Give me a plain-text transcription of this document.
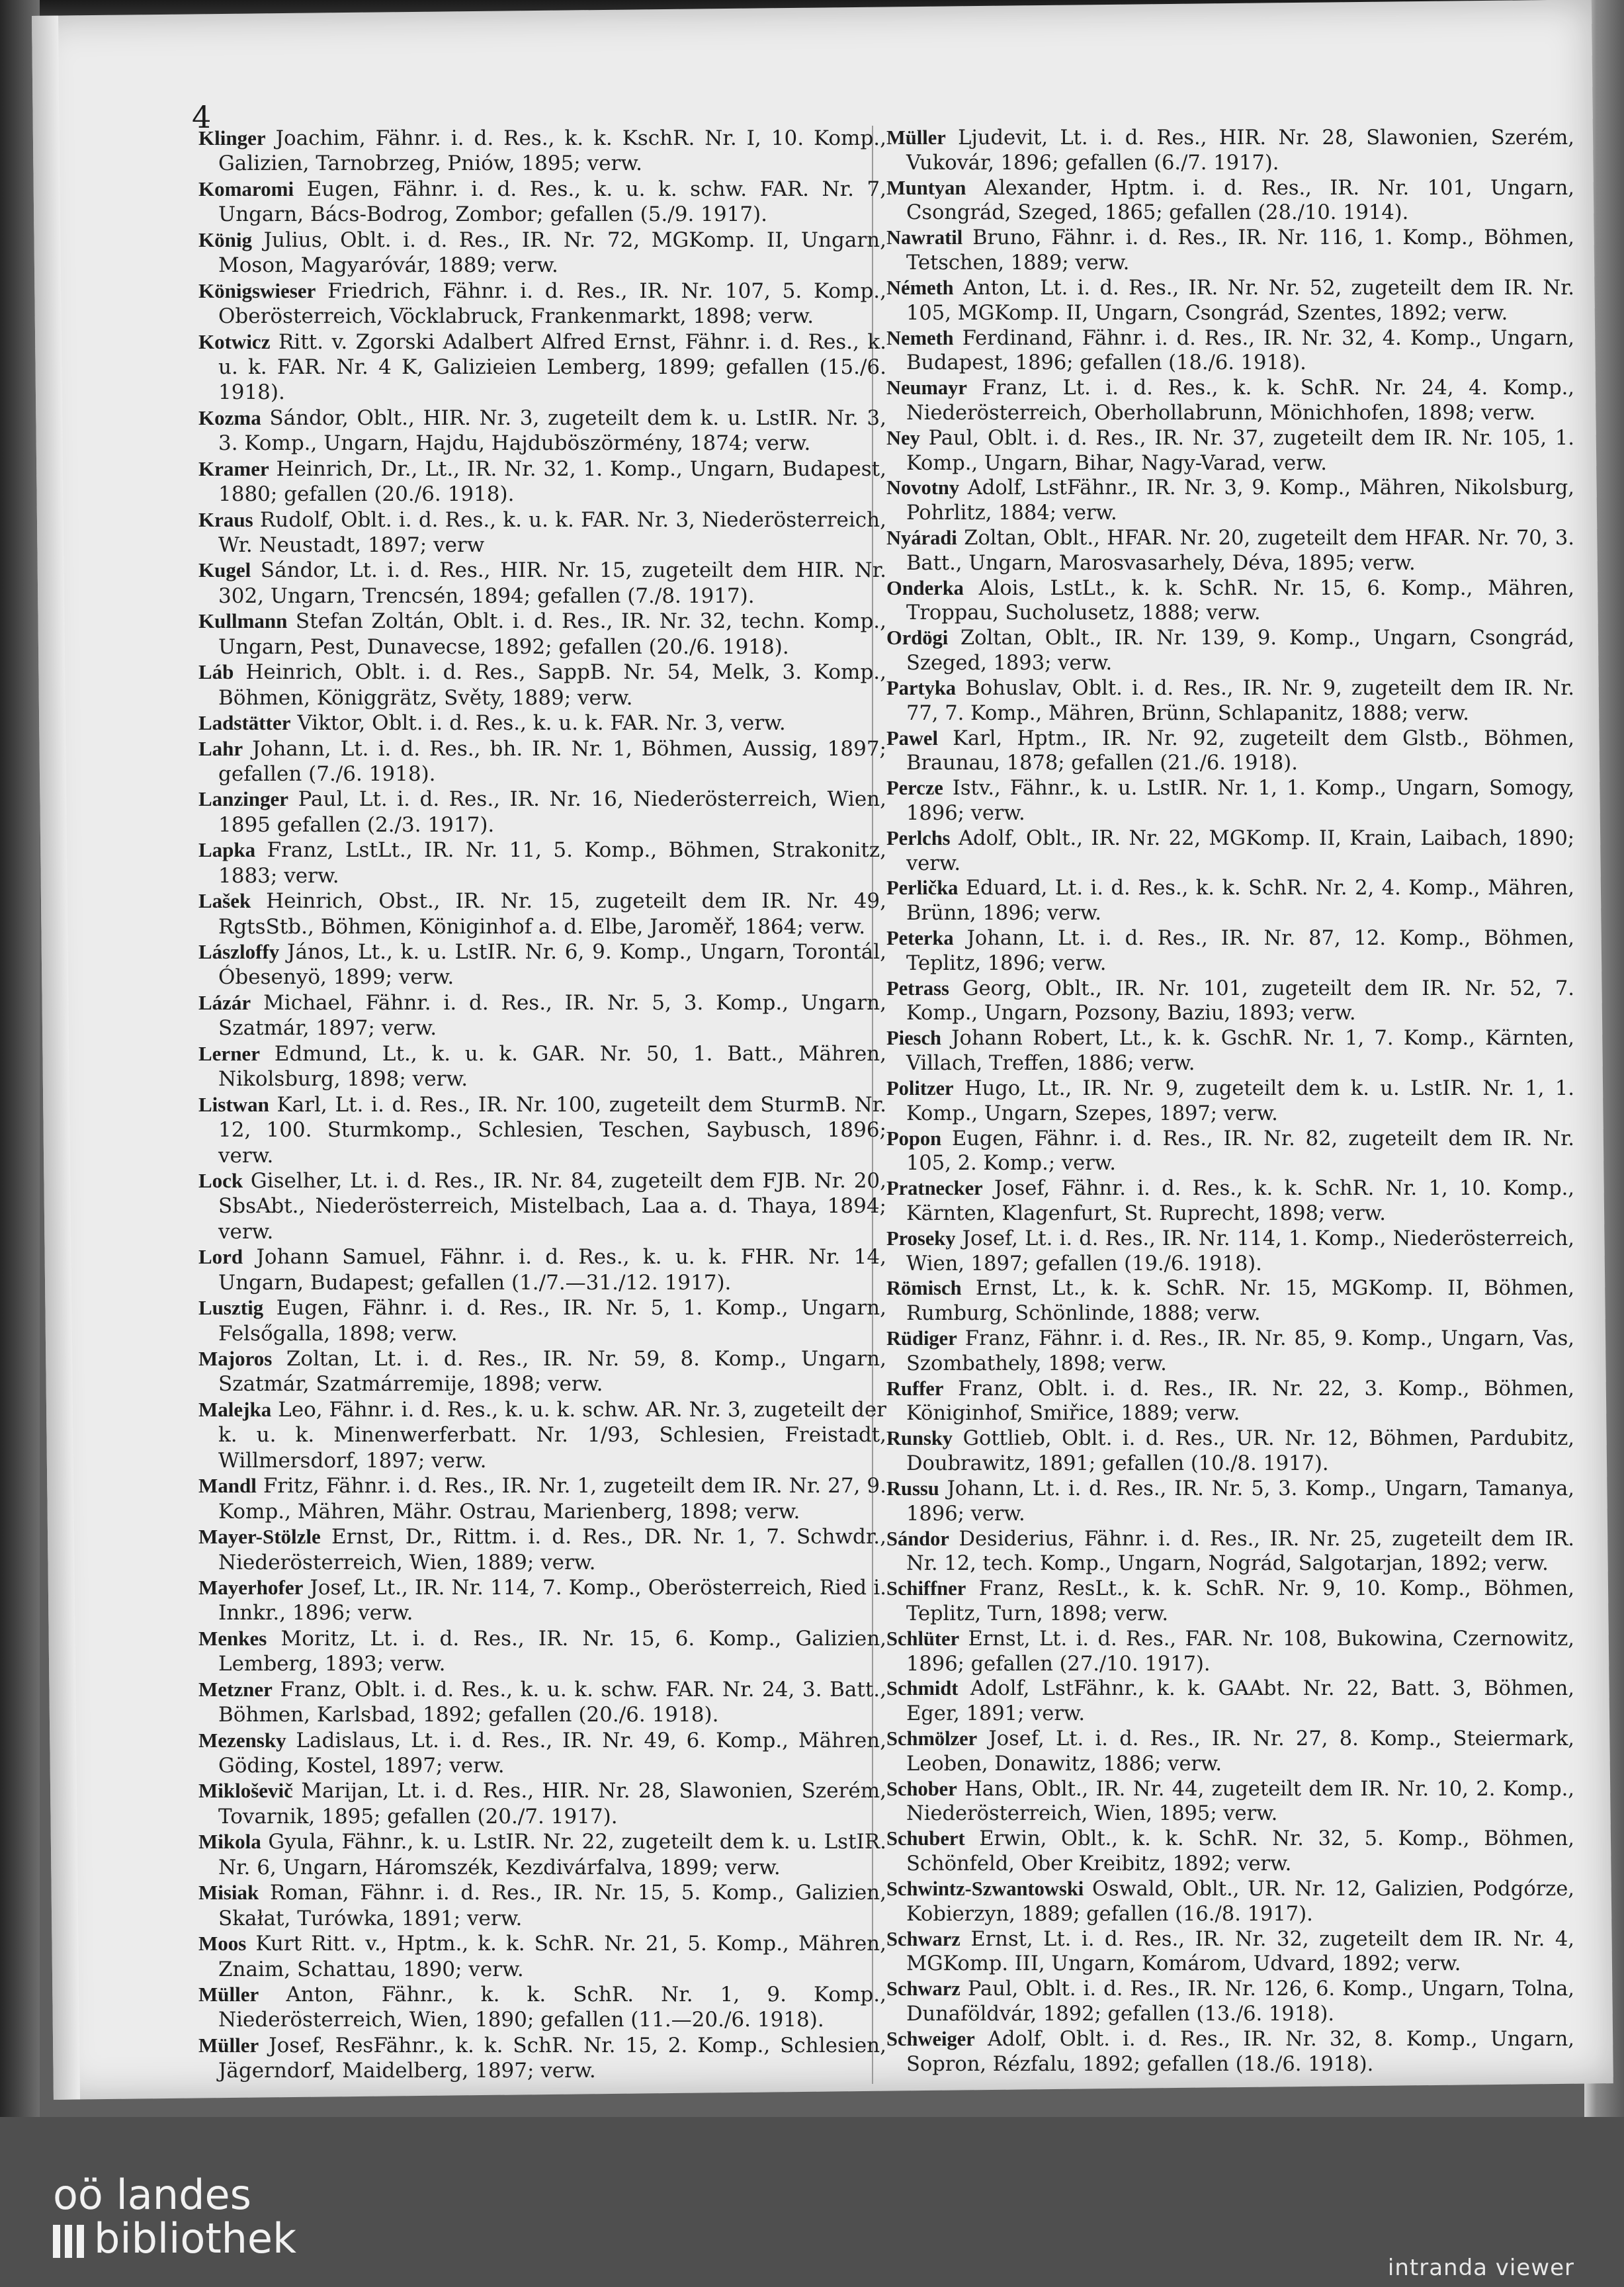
4

Klinger Joachim, Fähnr. i. d. Res., k. k. KschR. Nr. I, 10. Komp., Galizien, Tarnobrzeg, Pniów, 1895; verw.

Komaromi Eugen, Fähnr. i. d. Res., k. u. k. schw. FAR. Nr. 7, Ungarn, Bács-Bodrog, Zombor; gefallen (5./9. 1917).

König Julius, Oblt. i. d. Res., IR. Nr. 72, MGKomp. II, Ungarn, Moson, Magyaróvár, 1889; verw.

Königswieser Friedrich, Fähnr. i. d. Res., IR. Nr. 107, 5. Komp., Oberösterreich, Vöcklabruck, Frankenmarkt, 1898; verw.

Kotwicz Ritt. v. Zgorski Adalbert Alfred Ernst, Fähnr. i. d. Res., k. u. k. FAR. Nr. 4 K, Galizieien Lemberg, 1899; gefallen (15./6. 1918).

Kozma Sándor, Oblt., HIR. Nr. 3, zugeteilt dem k. u. LstIR. Nr. 3, 3. Komp., Ungarn, Hajdu, Hajduböszörmény, 1874; verw.

Kramer Heinrich, Dr., Lt., IR. Nr. 32, 1. Komp., Ungarn, Budapest, 1880; gefallen (20./6. 1918).

Kraus Rudolf, Oblt. i. d. Res., k. u. k. FAR. Nr. 3, Niederösterreich, Wr. Neustadt, 1897; verw

Kugel Sándor, Lt. i. d. Res., HIR. Nr. 15, zugeteilt dem HIR. Nr. 302, Ungarn, Trencsén, 1894; gefallen (7./8. 1917).

Kullmann Stefan Zoltán, Oblt. i. d. Res., IR. Nr. 32, techn. Komp., Ungarn, Pest, Dunavecse, 1892; gefallen (20./6. 1918).

Láb Heinrich, Oblt. i. d. Res., SappB. Nr. 54, Melk, 3. Komp., Böhmen, Königgrätz, Světy, 1889; verw.

Ladstätter Viktor, Oblt. i. d. Res., k. u. k. FAR. Nr. 3, verw.

Lahr Johann, Lt. i. d. Res., bh. IR. Nr. 1, Böhmen, Aussig, 1897; gefallen (7./6. 1918).

Lanzinger Paul, Lt. i. d. Res., IR. Nr. 16, Niederösterreich, Wien, 1895 gefallen (2./3. 1917).

Lapka Franz, LstLt., IR. Nr. 11, 5. Komp., Böhmen, Strakonitz, 1883; verw.

Lašek Heinrich, Obst., IR. Nr. 15, zugeteilt dem IR. Nr. 49, RgtsStb., Böhmen, Königinhof a. d. Elbe, Jaroměř, 1864; verw.

Lászloffy János, Lt., k. u. LstIR. Nr. 6, 9. Komp., Ungarn, Torontál, Óbesenyö, 1899; verw.

Lázár Michael, Fähnr. i. d. Res., IR. Nr. 5, 3. Komp., Ungarn, Szatmár, 1897; verw.

Lerner Edmund, Lt., k. u. k. GAR. Nr. 50, 1. Batt., Mähren, Nikolsburg, 1898; verw.

Listwan Karl, Lt. i. d. Res., IR. Nr. 100, zugeteilt dem SturmB. Nr. 12, 100. Sturmkomp., Schlesien, Teschen, Saybusch, 1896; verw.

Lock Giselher, Lt. i. d. Res., IR. Nr. 84, zugeteilt dem FJB. Nr. 20, SbsAbt., Niederösterreich, Mistelbach, Laa a. d. Thaya, 1894; verw.

Lord Johann Samuel, Fähnr. i. d. Res., k. u. k. FHR. Nr. 14, Ungarn, Budapest; gefallen (1./7.—31./12. 1917).

Lusztig Eugen, Fähnr. i. d. Res., IR. Nr. 5, 1. Komp., Ungarn, Felsőgalla, 1898; verw.

Majoros Zoltan, Lt. i. d. Res., IR. Nr. 59, 8. Komp., Ungarn, Szatmár, Szatmárremije, 1898; verw.

Malejka Leo, Fähnr. i. d. Res., k. u. k. schw. AR. Nr. 3, zugeteilt der k. u. k. Minenwerferbatt. Nr. 1/93, Schlesien, Freistadt, Willmersdorf, 1897; verw.

Mandl Fritz, Fähnr. i. d. Res., IR. Nr. 1, zugeteilt dem IR. Nr. 27, 9. Komp., Mähren, Mähr. Ostrau, Marienberg, 1898; verw.

Mayer-Stölzle Ernst, Dr., Rittm. i. d. Res., DR. Nr. 1, 7. Schwdr., Niederösterreich, Wien, 1889; verw.

Mayerhofer Josef, Lt., IR. Nr. 114, 7. Komp., Oberösterreich, Ried i. Innkr., 1896; verw.

Menkes Moritz, Lt. i. d. Res., IR. Nr. 15, 6. Komp., Galizien, Lemberg, 1893; verw.

Metzner Franz, Oblt. i. d. Res., k. u. k. schw. FAR. Nr. 24, 3. Batt., Böhmen, Karlsbad, 1892; gefallen (20./6. 1918).

Mezensky Ladislaus, Lt. i. d. Res., IR. Nr. 49, 6. Komp., Mähren, Göding, Kostel, 1897; verw.

Mikloševič Marijan, Lt. i. d. Res., HIR. Nr. 28, Slawonien, Szerém, Tovarnik, 1895; gefallen (20./7. 1917).

Mikola Gyula, Fähnr., k. u. LstIR. Nr. 22, zugeteilt dem k. u. LstIR. Nr. 6, Ungarn, Háromszék, Kezdivárfalva, 1899; verw.

Misiak Roman, Fähnr. i. d. Res., IR. Nr. 15, 5. Komp., Galizien, Skałat, Turówka, 1891; verw.

Moos Kurt Ritt. v., Hptm., k. k. SchR. Nr. 21, 5. Komp., Mähren, Znaim, Schattau, 1890; verw.

Müller Anton, Fähnr., k. k. SchR. Nr. 1, 9. Komp., Niederösterreich, Wien, 1890; gefallen (11.—20./6. 1918).

Müller Josef, ResFähnr., k. k. SchR. Nr. 15, 2. Komp., Schlesien, Jägerndorf, Maidelberg, 1897; verw.

Müller Ljudevit, Lt. i. d. Res., HIR. Nr. 28, Slawonien, Szerém, Vukovár, 1896; gefallen (6./7. 1917).

Muntyan Alexander, Hptm. i. d. Res., IR. Nr. 101, Ungarn, Csongrád, Szeged, 1865; gefallen (28./10. 1914).

Nawratil Bruno, Fähnr. i. d. Res., IR. Nr. 116, 1. Komp., Böhmen, Tetschen, 1889; verw.

Németh Anton, Lt. i. d. Res., IR. Nr. Nr. 52, zugeteilt dem IR. Nr. 105, MGKomp. II, Ungarn, Csongrád, Szentes, 1892; verw.

Nemeth Ferdinand, Fähnr. i. d. Res., IR. Nr. 32, 4. Komp., Ungarn, Budapest, 1896; gefallen (18./6. 1918).

Neumayr Franz, Lt. i. d. Res., k. k. SchR. Nr. 24, 4. Komp., Niederösterreich, Oberhollabrunn, Mönichhofen, 1898; verw.

Ney Paul, Oblt. i. d. Res., IR. Nr. 37, zugeteilt dem IR. Nr. 105, 1. Komp., Ungarn, Bihar, Nagy-Varad, verw.

Novotny Adolf, LstFähnr., IR. Nr. 3, 9. Komp., Mähren, Nikolsburg, Pohrlitz, 1884; verw.

Nyáradi Zoltan, Oblt., HFAR. Nr. 20, zugeteilt dem HFAR. Nr. 70, 3. Batt., Ungarn, Marosvasarhely, Déva, 1895; verw.

Onderka Alois, LstLt., k. k. SchR. Nr. 15, 6. Komp., Mähren, Troppau, Sucholusetz, 1888; verw.

Ordögi Zoltan, Oblt., IR. Nr. 139, 9. Komp., Ungarn, Csongrád, Szeged, 1893; verw.

Partyka Bohuslav, Oblt. i. d. Res., IR. Nr. 9, zugeteilt dem IR. Nr. 77, 7. Komp., Mähren, Brünn, Schlapanitz, 1888; verw.

Pawel Karl, Hptm., IR. Nr. 92, zugeteilt dem Glstb., Böhmen, Braunau, 1878; gefallen (21./6. 1918).

Percze Istv., Fähnr., k. u. LstIR. Nr. 1, 1. Komp., Ungarn, Somogy, 1896; verw.

Perlchs Adolf, Oblt., IR. Nr. 22, MGKomp. II, Krain, Laibach, 1890; verw.

Perlička Eduard, Lt. i. d. Res., k. k. SchR. Nr. 2, 4. Komp., Mähren, Brünn, 1896; verw.

Peterka Johann, Lt. i. d. Res., IR. Nr. 87, 12. Komp., Böhmen, Teplitz, 1896; verw.

Petrass Georg, Oblt., IR. Nr. 101, zugeteilt dem IR. Nr. 52, 7. Komp., Ungarn, Pozsony, Baziu, 1893; verw.

Piesch Johann Robert, Lt., k. k. GschR. Nr. 1, 7. Komp., Kärnten, Villach, Treffen, 1886; verw.

Politzer Hugo, Lt., IR. Nr. 9, zugeteilt dem k. u. LstIR. Nr. 1, 1. Komp., Ungarn, Szepes, 1897; verw.

Popon Eugen, Fähnr. i. d. Res., IR. Nr. 82, zugeteilt dem IR. Nr. 105, 2. Komp.; verw.

Pratnecker Josef, Fähnr. i. d. Res., k. k. SchR. Nr. 1, 10. Komp., Kärnten, Klagenfurt, St. Ruprecht, 1898; verw.

Proseky Josef, Lt. i. d. Res., IR. Nr. 114, 1. Komp., Niederösterreich, Wien, 1897; gefallen (19./6. 1918).

Römisch Ernst, Lt., k. k. SchR. Nr. 15, MGKomp. II, Böhmen, Rumburg, Schönlinde, 1888; verw.

Rüdiger Franz, Fähnr. i. d. Res., IR. Nr. 85, 9. Komp., Ungarn, Vas, Szombathely, 1898; verw.

Ruffer Franz, Oblt. i. d. Res., IR. Nr. 22, 3. Komp., Böhmen, Königinhof, Smiřice, 1889; verw.

Runsky Gottlieb, Oblt. i. d. Res., UR. Nr. 12, Böhmen, Pardubitz, Doubrawitz, 1891; gefallen (10./8. 1917).

Russu Johann, Lt. i. d. Res., IR. Nr. 5, 3. Komp., Ungarn, Tamanya, 1896; verw.

Sándor Desiderius, Fähnr. i. d. Res., IR. Nr. 25, zugeteilt dem IR. Nr. 12, tech. Komp., Ungarn, Nográd, Salgotarjan, 1892; verw.

Schiffner Franz, ResLt., k. k. SchR. Nr. 9, 10. Komp., Böhmen, Teplitz, Turn, 1898; verw.

Schlüter Ernst, Lt. i. d. Res., FAR. Nr. 108, Bukowina, Czernowitz, 1896; gefallen (27./10. 1917).

Schmidt Adolf, LstFähnr., k. k. GAAbt. Nr. 22, Batt. 3, Böhmen, Eger, 1891; verw.

Schmölzer Josef, Lt. i. d. Res., IR. Nr. 27, 8. Komp., Steiermark, Leoben, Donawitz, 1886; verw.

Schober Hans, Oblt., IR. Nr. 44, zugeteilt dem IR. Nr. 10, 2. Komp., Niederösterreich, Wien, 1895; verw.

Schubert Erwin, Oblt., k. k. SchR. Nr. 32, 5. Komp., Böhmen, Schönfeld, Ober Kreibitz, 1892; verw.

Schwintz-Szwantowski Oswald, Oblt., UR. Nr. 12, Galizien, Podgórze, Kobierzyn, 1889; gefallen (16./8. 1917).

Schwarz Ernst, Lt. i. d. Res., IR. Nr. 32, zugeteilt dem IR. Nr. 4, MGKomp. III, Ungarn, Komárom, Udvard, 1892; verw.

Schwarz Paul, Oblt. i. d. Res., IR. Nr. 126, 6. Komp., Ungarn, Tolna, Dunaföldvár, 1892; gefallen (13./6. 1918).

Schweiger Adolf, Oblt. i. d. Res., IR. Nr. 32, 8. Komp., Ungarn, Sopron, Rézfalu, 1892; gefallen (18./6. 1918).

oö landes
bibliothek
intranda viewer
